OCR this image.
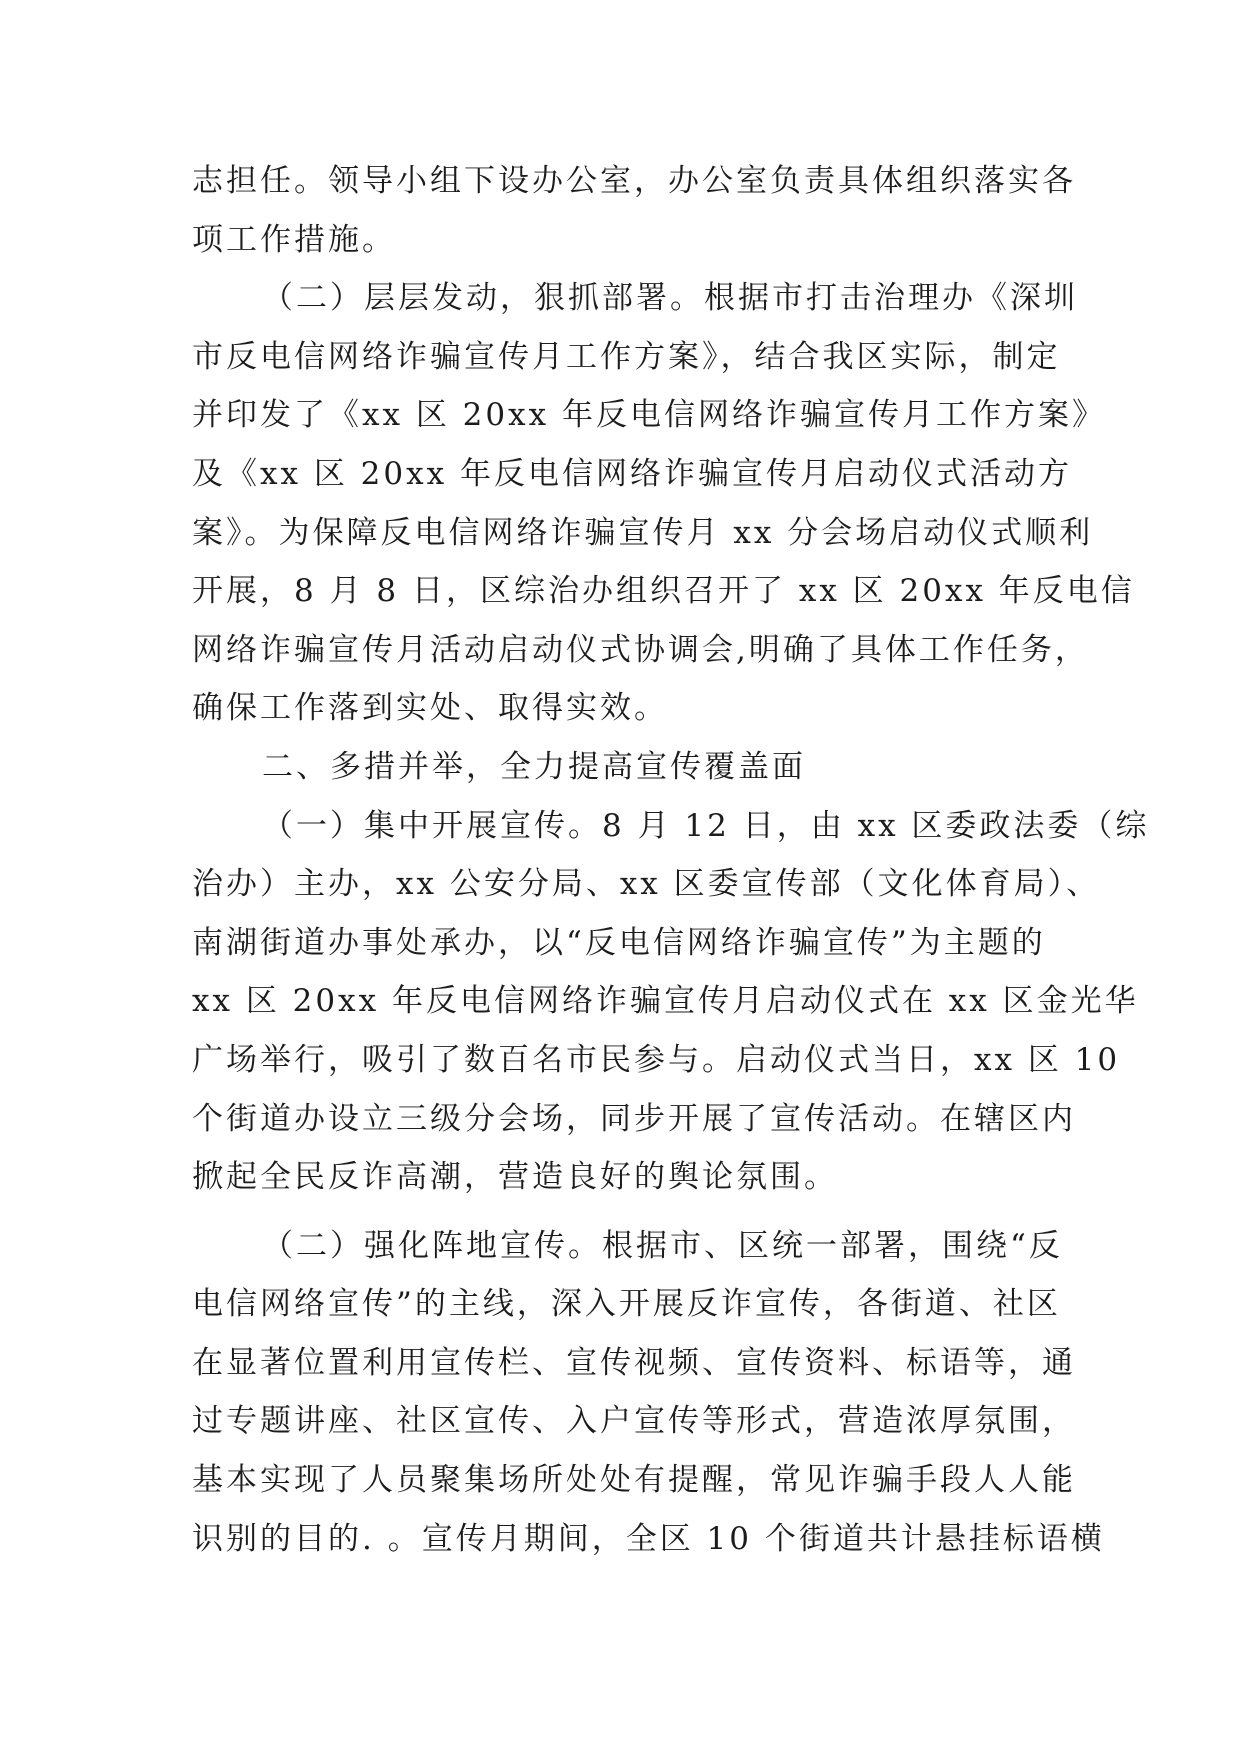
志担任。领导小组下设办公室，办公室负责具体组织落实各
项工作措施。
（二）层层发动，狠抓部署。根据市打击治理办《深圳
市反电信网络诈骗宣传月工作方案》，结合我区实际，制定
并印发了《xx 区 20xx 年反电信网络诈骗宣传月工作方案》
及《xx 区 20xx 年反电信网络诈骗宣传月启动仪式活动方
案》。为保障反电信网络诈骗宣传月 xx 分会场启动仪式顺利
开展，8 月 8 日，区综治办组织召开了 xx 区 20xx 年反电信
网络诈骗宣传月活动启动仪式协调会,明确了具体工作任务，
确保工作落到实处、取得实效。
二、多措并举，全力提高宣传覆盖面
（一）集中开展宣传。8 月 12 日，由 xx 区委政法委（综
治办）主办，xx 公安分局、xx 区委宣传部（文化体育局）、
南湖街道办事处承办，以“反电信网络诈骗宣传”为主题的
xx 区 20xx 年反电信网络诈骗宣传月启动仪式在 xx 区金光华
广场举行，吸引了数百名市民参与。启动仪式当日，xx 区 10
个街道办设立三级分会场，同步开展了宣传活动。在辖区内
掀起全民反诈高潮，营造良好的舆论氛围。
（二）强化阵地宣传。根据市、区统一部署，围绕“反
电信网络宣传”的主线，深入开展反诈宣传，各街道、社区
在显著位置利用宣传栏、宣传视频、宣传资料、标语等，通
过专题讲座、社区宣传、入户宣传等形式，营造浓厚氛围，
基本实现了人员聚集场所处处有提醒，常见诈骗手段人人能
识别的目的. 。宣传月期间，全区 10 个街道共计悬挂标语横
